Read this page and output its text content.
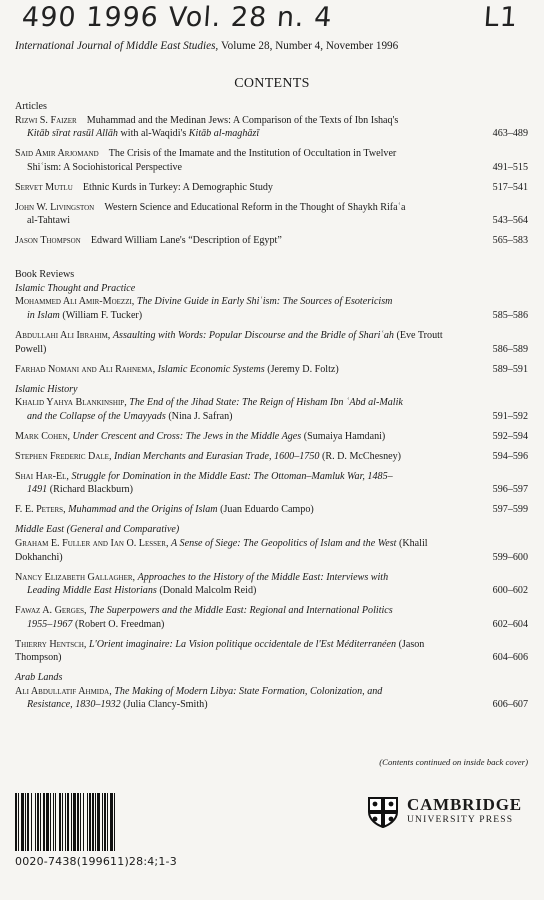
490 1996 Vol. 28 n. 4	L1
International Journal of Middle East Studies, Volume 28, Number 4, November 1996
CONTENTS

Articles

Rizwi S. Faizer  Muhammad and the Medinan Jews: A Comparison of the Texts of Ibn Ishaq's
Kitāb sīrat rasūl Allāh with al-Waqidi's Kitāb al-maghāzī	463–489
Said Amir Arjomand  The Crisis of the Imamate and the Institution of Occultation in Twelver
Shiʿism: A Sociohistorical Perspective	491–515
Servet Mutlu  Ethnic Kurds in Turkey: A Demographic Study	517–541
John W. Livingston  Western Science and Educational Reform in the Thought of Shaykh Rifaʿa
al-Tahtawi	543–564
Jason Thompson  Edward William Lane's “Description of Egypt”	565–583

Book Reviews

Islamic Thought and Practice

Mohammed Ali Amir-Moezzi, The Divine Guide in Early Shiʿism: The Sources of Esotericism
in Islam (William F. Tucker)	585–586
Abdullahi Ali Ibrahim, Assaulting with Words: Popular Discourse and the Bridle of Shariʿah (Eve Troutt Powell)	586–589
Farhad Nomani and Ali Rahnema, Islamic Economic Systems (Jeremy D. Foltz)	589–591

Islamic History

Khalid Yahya Blankinship, The End of the Jihad State: The Reign of Hisham Ibn ʿAbd al-Malik
and the Collapse of the Umayyads (Nina J. Safran)	591–592
Mark Cohen, Under Crescent and Cross: The Jews in the Middle Ages (Sumaiya Hamdani)	592–594
Stephen Frederic Dale, Indian Merchants and Eurasian Trade, 1600–1750 (R. D. McChesney)	594–596
Shai Har-El, Struggle for Domination in the Middle East: The Ottoman–Mamluk War, 1485–
1491 (Richard Blackburn)	596–597
F. E. Peters, Muhammad and the Origins of Islam (Juan Eduardo Campo)	597–599

Middle East (General and Comparative)

Graham E. Fuller and Ian O. Lesser, A Sense of Siege: The Geopolitics of Islam and the West (Khalil Dokhanchi)	599–600
Nancy Elizabeth Gallagher, Approaches to the History of the Middle East: Interviews with
Leading Middle East Historians (Donald Malcolm Reid)	600–602
Fawaz A. Gerges, The Superpowers and the Middle East: Regional and International Politics
1955–1967 (Robert O. Freedman)	602–604
Thierry Hentsch, L'Orient imaginaire: La Vision politique occidentale de l'Est Méditerranéen (Jason Thompson)	604–606

Arab Lands

Ali Abdullatif Ahmida, The Making of Modern Libya: State Formation, Colonization, and
Resistance, 1830–1932 (Julia Clancy-Smith)	606–607
(Contents continued on inside back cover)
0020-7438(199611)28:4;1-3
CAMBRIDGE
UNIVERSITY PRESS
